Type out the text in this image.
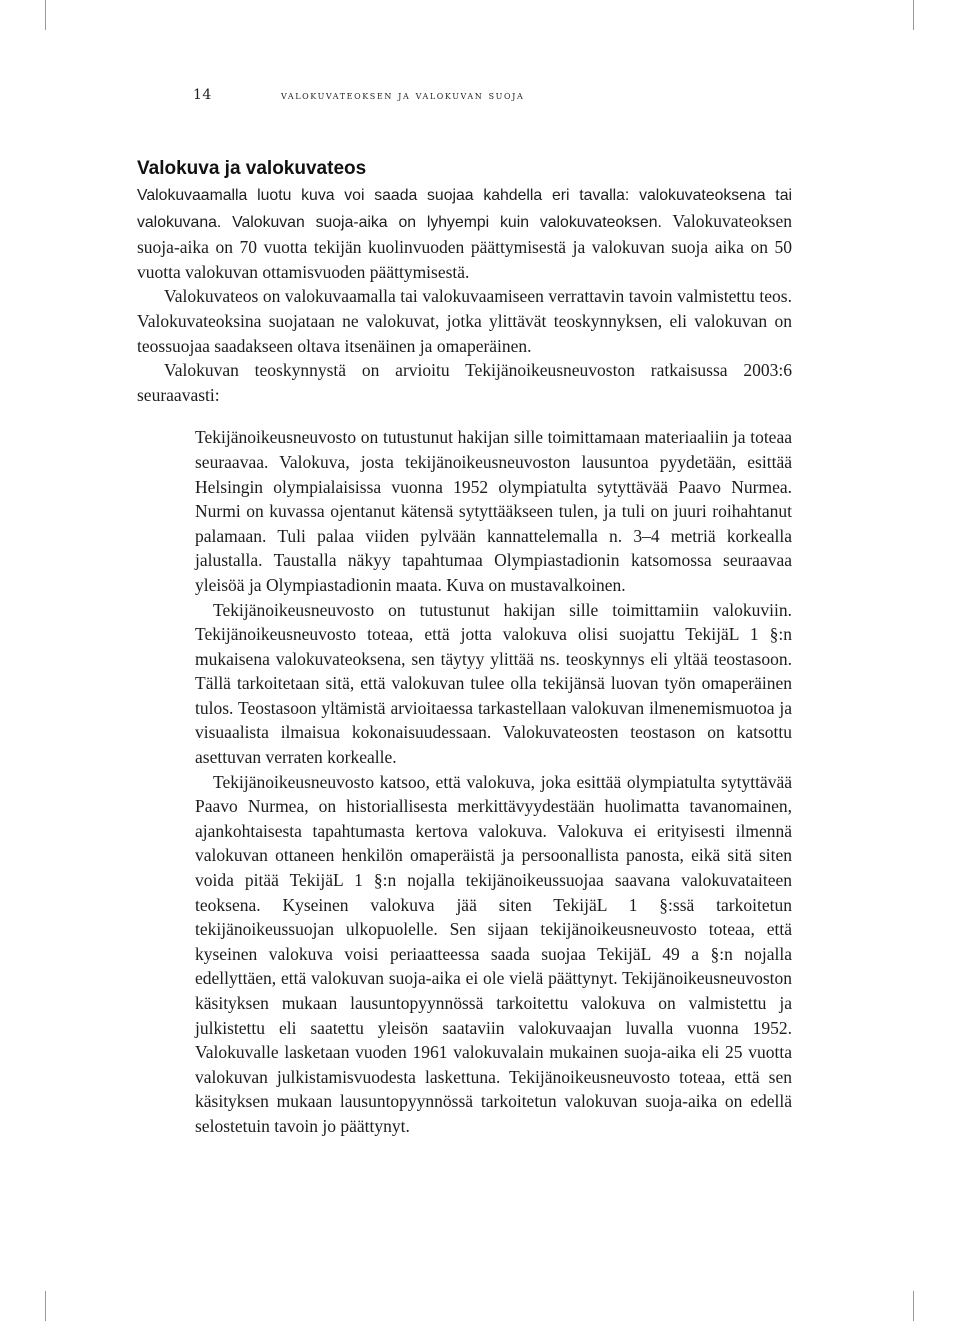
14	valokuvateoksen ja valokuvan suoja
Valokuva ja valokuvateos

Valokuvaamalla luotu kuva voi saada suojaa kahdella eri tavalla: valokuvateoksena tai valokuvana. Valokuvan suoja-aika on lyhyempi kuin valokuvateoksen. Valokuvateoksen suoja-aika on 70 vuotta tekijän kuolinvuoden päättymisestä ja valokuvan suoja aika on 50 vuotta valokuvan ottamisvuoden päättymisestä.

Valokuvateos on valokuvaamalla tai valokuvaamiseen verrattavin tavoin valmistettu teos. Valokuvateoksina suojataan ne valokuvat, jotka ylittävät teoskynnyksen, eli valokuvan on teossuojaa saadakseen oltava itsenäinen ja omaperäinen.

Valokuvan teoskynnystä on arvioitu Tekijänoikeusneuvoston ratkaisussa 2003:6 seuraavasti:

Tekijänoikeusneuvosto on tutustunut hakijan sille toimittamaan materiaaliin ja toteaa seuraavaa. Valokuva, josta tekijänoikeusneuvoston lausuntoa pyydetään, esittää Helsingin olympialaisissa vuonna 1952 olympiatulta sytyttävää Paavo Nurmea. Nurmi on kuvassa ojentanut kätensä sytyttääkseen tulen, ja tuli on juuri roihahtanut palamaan. Tuli palaa viiden pylvään kannattelemalla n. 3–4 metriä korkealla jalustalla. Taustalla näkyy tapahtumaa Olympiastadionin katsomossa seuraavaa yleisöä ja Olympiastadionin maata. Kuva on mustavalkoinen.

Tekijänoikeusneuvosto on tutustunut hakijan sille toimittamiin valokuviin. Tekijänoikeusneuvosto toteaa, että jotta valokuva olisi suojattu TekijäL 1 §:n mukaisena valokuvateoksena, sen täytyy ylittää ns. teoskynnys eli yltää teostasoon. Tällä tarkoitetaan sitä, että valokuvan tulee olla tekijänsä luovan työn omaperäinen tulos. Teostasoon yltämistä arvioitaessa tarkastellaan valokuvan ilmenemismuotoa ja visuaalista ilmaisua kokonaisuudessaan. Valokuvateosten teostason on katsottu asettuvan verraten korkealle.

Tekijänoikeusneuvosto katsoo, että valokuva, joka esittää olympiatulta sytyttävää Paavo Nurmea, on historiallisesta merkittävyydestään huolimatta tavanomainen, ajankohtaisesta tapahtumasta kertova valokuva. Valokuva ei erityisesti ilmennä valokuvan ottaneen henkilön omaperäistä ja persoonallista panosta, eikä sitä siten voida pitää TekijäL 1 §:n nojalla tekijänoikeussuojaa saavana valokuvataiteen teoksena. Kyseinen valokuva jää siten TekijäL 1 §:ssä tarkoitetun tekijänoikeussuojan ulkopuolelle. Sen sijaan tekijänoikeusneuvosto toteaa, että kyseinen valokuva voisi periaatteessa saada suojaa TekijäL 49 a §:n nojalla edellyttäen, että valokuvan suoja-aika ei ole vielä päättynyt. Tekijänoikeusneuvoston käsityksen mukaan lausuntopyynnössä tarkoitettu valokuva on valmistettu ja julkistettu eli saatettu yleisön saataviin valokuvaajan luvalla vuonna 1952. Valokuvalle lasketaan vuoden 1961 valokuvalain mukainen suoja-aika eli 25 vuotta valokuvan julkistamisvuodesta laskettuna. Tekijänoikeusneuvosto toteaa, että sen käsityksen mukaan lausuntopyynnössä tarkoitetun valokuvan suoja-aika on edellä selostetuin tavoin jo päättynyt.
